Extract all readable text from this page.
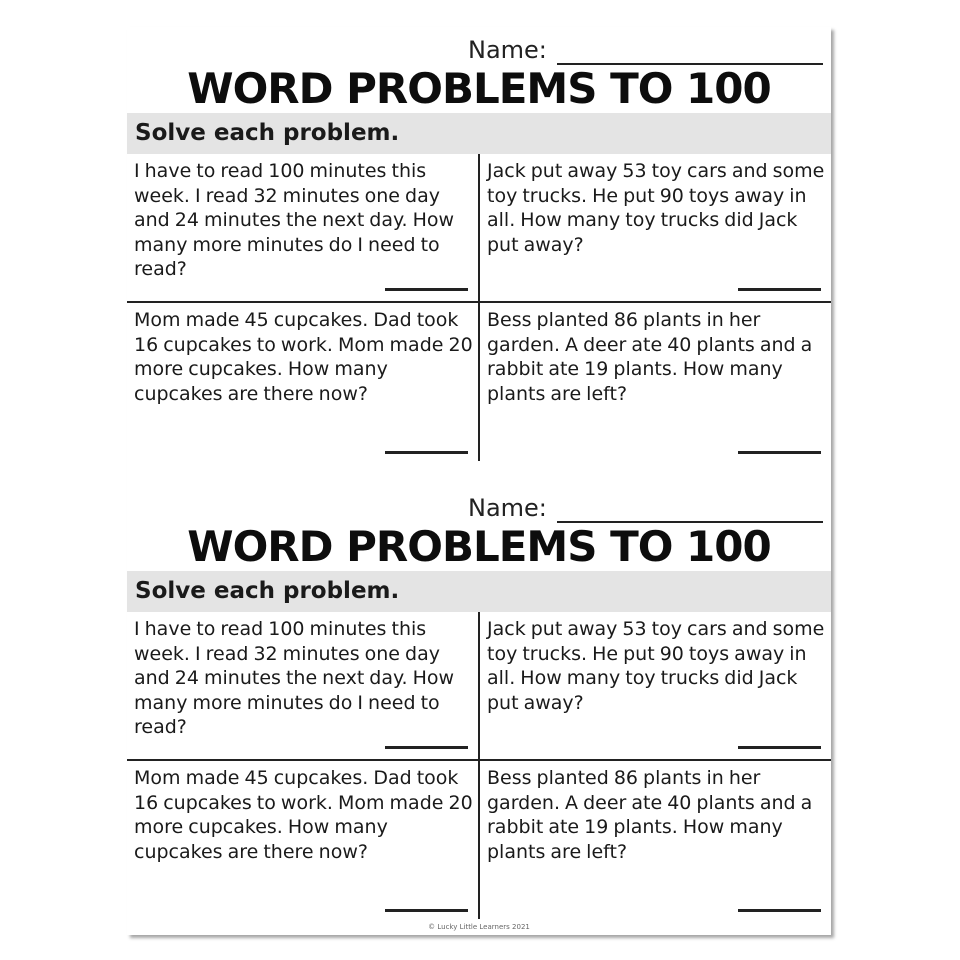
Name:
WORD PROBLEMS TO 100
Solve each problem.
I have to read 100 minutes this week. I read 32 minutes one day and 24 minutes the next day. How many more minutes do I need to read?
Jack put away 53 toy cars and some toy trucks. He put 90 toys away in all. How many toy trucks did Jack put away?
Mom made 45 cupcakes. Dad took 16 cupcakes to work. Mom made 20 more cupcakes. How many cupcakes are there now?
Bess planted 86 plants in her garden. A deer ate 40 plants and a rabbit ate 19 plants. How many plants are left?
Name:
WORD PROBLEMS TO 100
Solve each problem.
I have to read 100 minutes this week. I read 32 minutes one day and 24 minutes the next day. How many more minutes do I need to read?
Jack put away 53 toy cars and some toy trucks. He put 90 toys away in all. How many toy trucks did Jack put away?
Mom made 45 cupcakes. Dad took 16 cupcakes to work. Mom made 20 more cupcakes. How many cupcakes are there now?
Bess planted 86 plants in her garden. A deer ate 40 plants and a rabbit ate 19 plants. How many plants are left?
© Lucky Little Learners 2021
